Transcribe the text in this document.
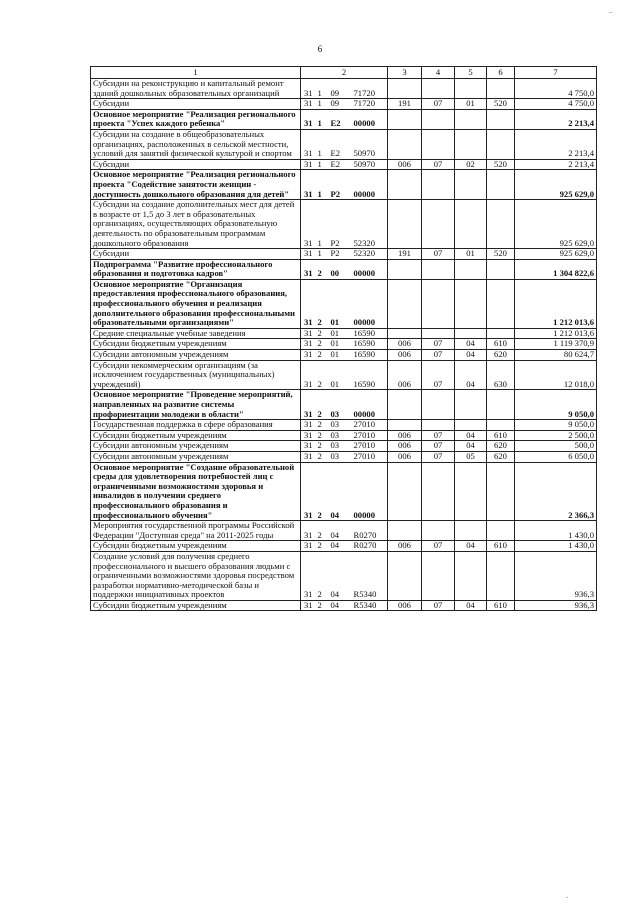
6
1	2				3	4	5	6	7
Субсидии на реконструкцию и капитальный ремонт зданий дошкольных образовательных организаций	31	1	09	71720					4 750,0
Субсидии	31	1	09	71720	191	07	01	520	4 750,0
Основное мероприятие "Реализация регионального проекта "Успех каждого ребенка"	31	1	E2	00000					2 213,4
Субсидии на создание в общеобразовательных организациях, расположенных в сельской местности, условий для занятий физической культурой и спортом	31	1	E2	50970					2 213,4
Субсидии	31	1	E2	50970	006	07	02	520	2 213,4
Основное мероприятие "Реализация регионального проекта "Содействие занятости женщин - доступность дошкольного образования для детей"	31	1	P2	00000					925 629,0
Субсидии на создание дополнительных мест для детей в возрасте от 1,5 до 3 лет в образовательных организациях, осуществляющих образовательную деятельность по образовательным программам дошкольного образования	31	1	P2	52320					925 629,0
Субсидии	31	1	P2	52320	191	07	01	520	925 629,0
Подпрограмма "Развитие профессионального образования и подготовка кадров"	31	2	00	00000					1 304 822,6
Основное мероприятие "Организация предоставления профессионального образования, профессионального обучения и реализация дополнительного образования профессиональными образовательными организациями"	31	2	01	00000					1 212 013,6
Средние специальные учебные заведения	31	2	01	16590					1 212 013,6
Субсидии бюджетным учреждениям	31	2	01	16590	006	07	04	610	1 119 370,9
Субсидии автономным учреждениям	31	2	01	16590	006	07	04	620	80 624,7
Субсидии некоммерческим организациям (за исключением государственных (муниципальных) учреждений)	31	2	01	16590	006	07	04	630	12 018,0
Основное мероприятие "Проведение мероприятий, направленных на развитие системы профориентации молодежи в области"	31	2	03	00000					9 050,0
Государственная поддержка в сфере образования	31	2	03	27010					9 050,0
Субсидии бюджетным учреждениям	31	2	03	27010	006	07	04	610	2 500,0
Субсидии автономным учреждениям	31	2	03	27010	006	07	04	620	500,0
Субсидии автономным учреждениям	31	2	03	27010	006	07	05	620	6 050,0
Основное мероприятие "Создание образовательной среды для удовлетворения потребностей лиц с ограниченными возможностями здоровья и инвалидов в получении среднего профессионального образования и профессионального обучения"	31	2	04	00000					2 366,3
Мероприятия государственной программы Российской Федерации "Доступная среда" на 2011-2025 годы	31	2	04	R0270					1 430,0
Субсидии бюджетным учреждениям	31	2	04	R0270	006	07	04	610	1 430,0
Создание условий для получения среднего профессионального и высшего образования людьми с ограниченными возможностями здоровья посредством разработки нормативно-методической базы и поддержки инициативных проектов	31	2	04	R5340					936,3
Субсидии бюджетным учреждениям	31	2	04	R5340	006	07	04	610	936,3
